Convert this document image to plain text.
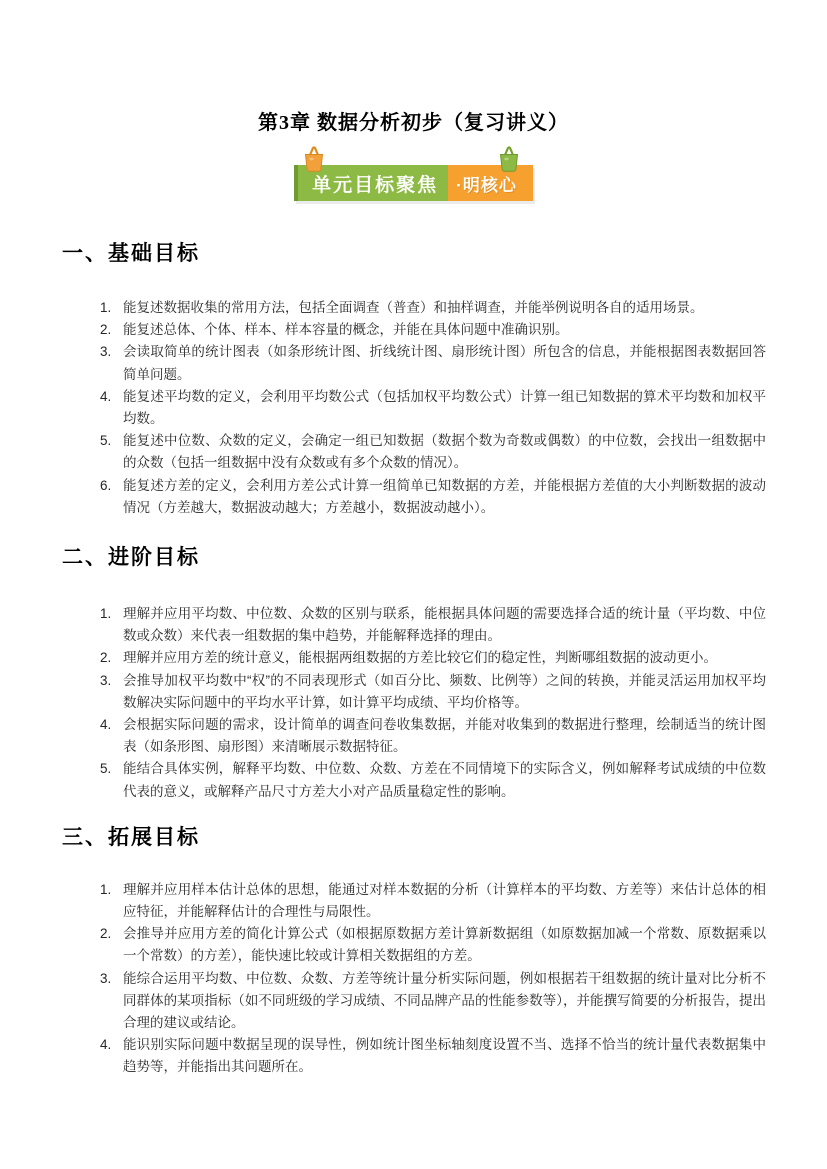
第3章 数据分析初步（复习讲义）
单元目标聚焦 ·明核心
一、基础目标
1. 能复述数据收集的常用方法，包括全面调查（普查）和抽样调查，并能举例说明各自的适用场景。
2. 能复述总体、个体、样本、样本容量的概念，并能在具体问题中准确识别。
3. 会读取简单的统计图表（如条形统计图、折线统计图、扇形统计图）所包含的信息，并能根据图表数据回答简单问题。
4. 能复述平均数的定义，会利用平均数公式（包括加权平均数公式）计算一组已知数据的算术平均数和加权平均数。
5. 能复述中位数、众数的定义，会确定一组已知数据（数据个数为奇数或偶数）的中位数，会找出一组数据中的众数（包括一组数据中没有众数或有多个众数的情况）。
6. 能复述方差的定义，会利用方差公式计算一组简单已知数据的方差，并能根据方差值的大小判断数据的波动情况（方差越大，数据波动越大；方差越小，数据波动越小）。
二、进阶目标
1. 理解并应用平均数、中位数、众数的区别与联系，能根据具体问题的需要选择合适的统计量（平均数、中位数或众数）来代表一组数据的集中趋势，并能解释选择的理由。
2. 理解并应用方差的统计意义，能根据两组数据的方差比较它们的稳定性，判断哪组数据的波动更小。
3. 会推导加权平均数中“权”的不同表现形式（如百分比、频数、比例等）之间的转换，并能灵活运用加权平均数解决实际问题中的平均水平计算，如计算平均成绩、平均价格等。
4. 会根据实际问题的需求，设计简单的调查问卷收集数据，并能对收集到的数据进行整理，绘制适当的统计图表（如条形图、扇形图）来清晰展示数据特征。
5. 能结合具体实例，解释平均数、中位数、众数、方差在不同情境下的实际含义，例如解释考试成绩的中位数代表的意义，或解释产品尺寸方差大小对产品质量稳定性的影响。
三、拓展目标
1. 理解并应用样本估计总体的思想，能通过对样本数据的分析（计算样本的平均数、方差等）来估计总体的相应特征，并能解释估计的合理性与局限性。
2. 会推导并应用方差的简化计算公式（如根据原数据方差计算新数据组（如原数据加减一个常数、原数据乘以一个常数）的方差），能快速比较或计算相关数据组的方差。
3. 能综合运用平均数、中位数、众数、方差等统计量分析实际问题，例如根据若干组数据的统计量对比分析不同群体的某项指标（如不同班级的学习成绩、不同品牌产品的性能参数等），并能撰写简要的分析报告，提出合理的建议或结论。
4. 能识别实际问题中数据呈现的误导性，例如统计图坐标轴刻度设置不当、选择不恰当的统计量代表数据集中趋势等，并能指出其问题所在。
